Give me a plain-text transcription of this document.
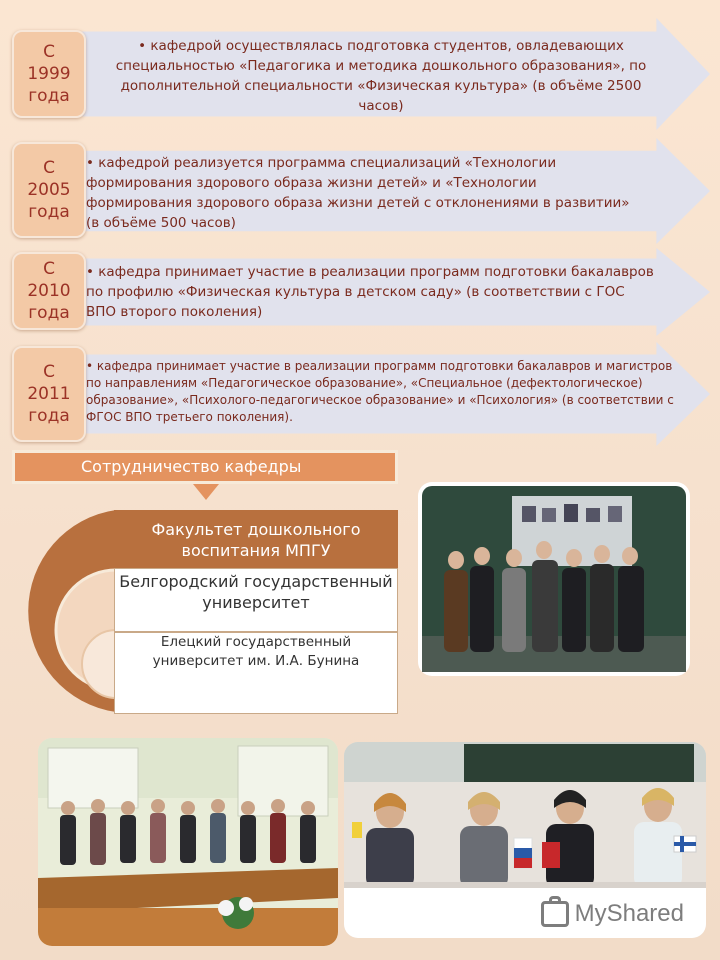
С
1999
года
• кафедрой осуществлялась подготовка студентов, овладевающих специальностью «Педагогика и методика дошкольного образования», по дополнительной специальности «Физическая культура» (в объёме 2500 часов)
С
2005
года
• кафедрой реализуется программа специализаций «Технологии формирования здорового образа жизни детей» и «Технологии формирования здорового образа жизни детей с отклонениями в развитии» (в объёме 500 часов)
С
2010
года
• кафедра принимает участие в реализации программ подготовки бакалавров по профилю «Физическая культура в детском саду» (в соответствии с ГОС ВПО второго поколения)
С
2011
года
• кафедра принимает участие в реализации программ подготовки бакалавров и магистров по направлениям «Педагогическое образование», «Специальное (дефектологическое) образование», «Психолого-педагогическое образование» и «Психология» (в соответствии с ФГОС ВПО третьего поколения).
Сотрудничество кафедры
Факультет дошкольного воспитания МПГУ
Белгородский государственный университет
Елецкий государственный университет им. И.А. Бунина
MyShared
